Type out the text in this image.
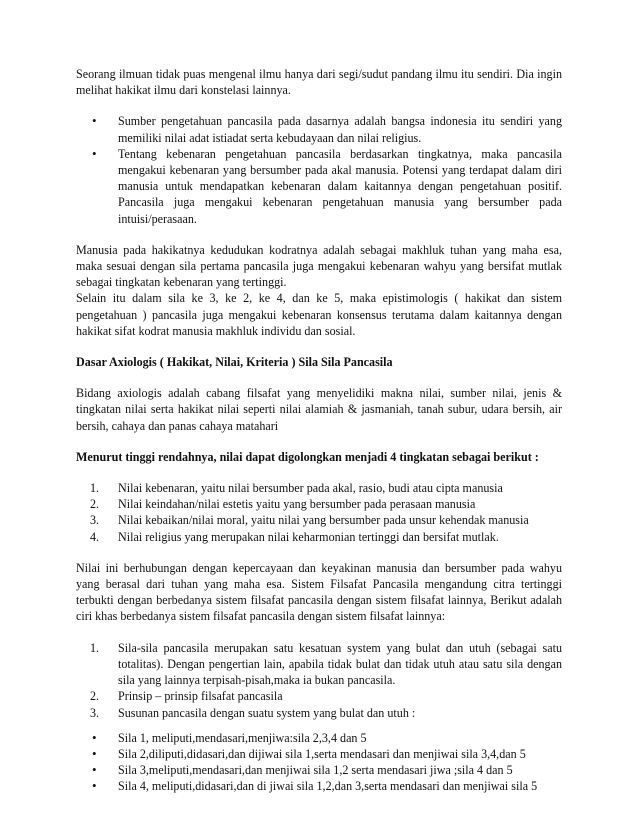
Seorang ilmuan tidak puas mengenal ilmu hanya dari segi/sudut pandang ilmu itu sendiri. Dia ingin melihat hakikat ilmu dari konstelasi lainnya.

• Sumber pengetahuan pancasila pada dasarnya adalah bangsa indonesia itu sendiri yang memiliki nilai adat istiadat serta kebudayaan dan nilai religius.
• Tentang kebenaran pengetahuan pancasila berdasarkan tingkatnya, maka pancasila mengakui kebenaran yang bersumber pada akal manusia. Potensi yang terdapat dalam diri manusia untuk mendapatkan kebenaran dalam kaitannya dengan pengetahuan positif. Pancasila juga mengakui kebenaran pengetahuan manusia yang bersumber pada intuisi/perasaan.

Manusia pada hakikatnya kedudukan kodratnya adalah sebagai makhluk tuhan yang maha esa, maka sesuai dengan sila pertama pancasila juga mengakui kebenaran wahyu yang bersifat mutlak sebagai tingkatan kebenaran yang tertinggi.

Selain itu dalam sila ke 3, ke 2, ke 4, dan ke 5, maka epistimologis ( hakikat dan sistem pengetahuan ) pancasila juga mengakui kebenaran konsensus terutama dalam kaitannya dengan hakikat sifat kodrat manusia makhluk individu dan sosial.

Dasar Axiologis ( Hakikat, Nilai, Kriteria ) Sila Sila Pancasila

Bidang axiologis adalah cabang filsafat yang menyelidiki makna nilai, sumber nilai, jenis & tingkatan nilai serta hakikat nilai seperti nilai alamiah & jasmaniah, tanah subur, udara bersih, air bersih, cahaya dan panas cahaya matahari

Menurut tinggi rendahnya, nilai dapat digolongkan menjadi 4 tingkatan sebagai berikut :

1.	Nilai kebenaran, yaitu nilai bersumber pada akal, rasio, budi atau cipta manusia
2.	Nilai keindahan/nilai estetis yaitu yang bersumber pada perasaan manusia
3.	Nilai kebaikan/nilai moral, yaitu nilai yang bersumber pada unsur kehendak manusia
4.	Nilai religius yang merupakan nilai keharmonian tertinggi dan bersifat mutlak.

Nilai ini berhubungan dengan kepercayaan dan keyakinan manusia dan bersumber pada wahyu yang berasal dari tuhan yang maha esa. Sistem Filsafat Pancasila mengandung citra tertinggi terbukti dengan berbedanya sistem filsafat pancasila dengan sistem filsafat lainnya, Berikut adalah ciri khas berbedanya sistem filsafat pancasila dengan sistem filsafat lainnya:

1.	Sila-sila pancasila merupakan satu kesatuan system yang bulat dan utuh (sebagai satu totalitas). Dengan pengertian lain, apabila tidak bulat dan tidak utuh atau satu sila dengan sila yang lainnya terpisah-pisah,maka ia bukan pancasila.
2.	Prinsip – prinsip filsafat pancasila
3.	Susunan pancasila dengan suatu system yang bulat dan utuh :
• Sila 1, meliputi,mendasari,menjiwa:sila 2,3,4 dan 5
• Sila 2,diliputi,didasari,dan dijiwai sila 1,serta mendasari dan menjiwai sila 3,4,dan 5
• Sila 3,meliputi,mendasari,dan menjiwai sila 1,2 serta mendasari jiwa ;sila 4 dan 5
• Sila 4, meliputi,didasari,dan di jiwai sila 1,2,dan 3,serta mendasari dan menjiwai sila 5
